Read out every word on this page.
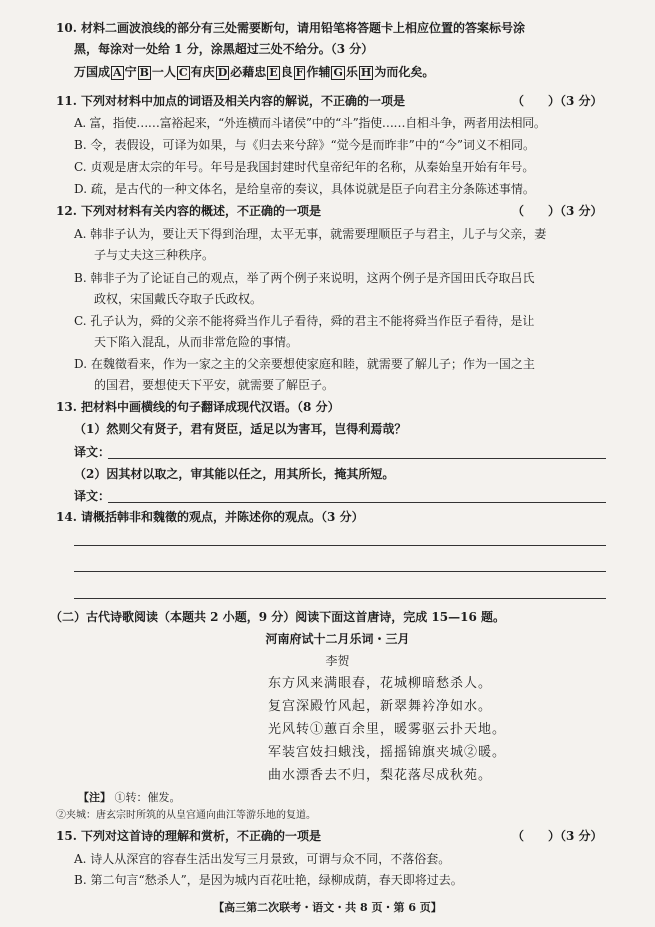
10. 材料二画波浪线的部分有三处需要断句，请用铅笔将答题卡上相应位置的答案标号涂
黑，每涂对一处给 1 分，涂黑超过三处不给分。（3 分）
万国成 A 宁 B 一人 C 有庆 D 必藉忠 E 良 F 作辅 G 乐 H 为而化矣。
11. 下列对材料中加点的词语及相关内容的解说，不正确的一项是	（　　）（3 分）
A. 富，指使……富裕起来，“外连横而斗诸侯”中的“斗”指使……自相斗争，两者用法相同。
B. 令，表假设，可译为如果，与《归去来兮辞》“觉今是而昨非”中的“今”词义不相同。
C. 贞观是唐太宗的年号。年号是我国封建时代皇帝纪年的名称，从秦始皇开始有年号。
D. 疏，是古代的一种文体名，是给皇帝的奏议，具体说就是臣子向君主分条陈述事情。
12. 下列对材料有关内容的概述，不正确的一项是	（　　）（3 分）
A. 韩非子认为，要让天下得到治理，太平无事，就需要理顺臣子与君主，儿子与父亲，妻
子与丈夫这三种秩序。
B. 韩非子为了论证自己的观点，举了两个例子来说明，这两个例子是齐国田氏夺取吕氏
政权，宋国戴氏夺取子氏政权。
C. 孔子认为，舜的父亲不能将舜当作儿子看待，舜的君主不能将舜当作臣子看待，是让
天下陷入混乱，从而非常危险的事情。
D. 在魏徵看来，作为一家之主的父亲要想使家庭和睦，就需要了解儿子；作为一国之主
的国君，要想使天下平安，就需要了解臣子。
13. 把材料中画横线的句子翻译成现代汉语。（8 分）
（1）然则父有贤子，君有贤臣，适足以为害耳，岂得利焉哉？
译文：
（2）因其材以取之，审其能以任之，用其所长，掩其所短。
译文：
14. 请概括韩非和魏徵的观点，并陈述你的观点。（3 分）
（二）古代诗歌阅读（本题共 2 小题，9 分）阅读下面这首唐诗，完成 15—16 题。
河南府试十二月乐词・三月
李贺
东方风来满眼春，花城柳暗愁杀人。
复宫深殿竹风起，新翠舞衿净如水。
光风转①蕙百余里，暖雾驱云扑天地。
军装宫妓扫蛾浅，摇摇锦旗夹城②暖。
曲水漂香去不归，梨花落尽成秋苑。
【注】 ①转：催发。
②夹城：唐玄宗时所筑的从皇宫通向曲江等游乐地的复道。
15. 下列对这首诗的理解和赏析，不正确的一项是	（　　）（3 分）
A. 诗人从深宫的容春生活出发写三月景致，可谓与众不同，不落俗套。
B. 第二句言“愁杀人”，是因为城内百花吐艳，绿柳成荫，春天即将过去。
【高三第二次联考・语文・共 8 页・第 6 页】
